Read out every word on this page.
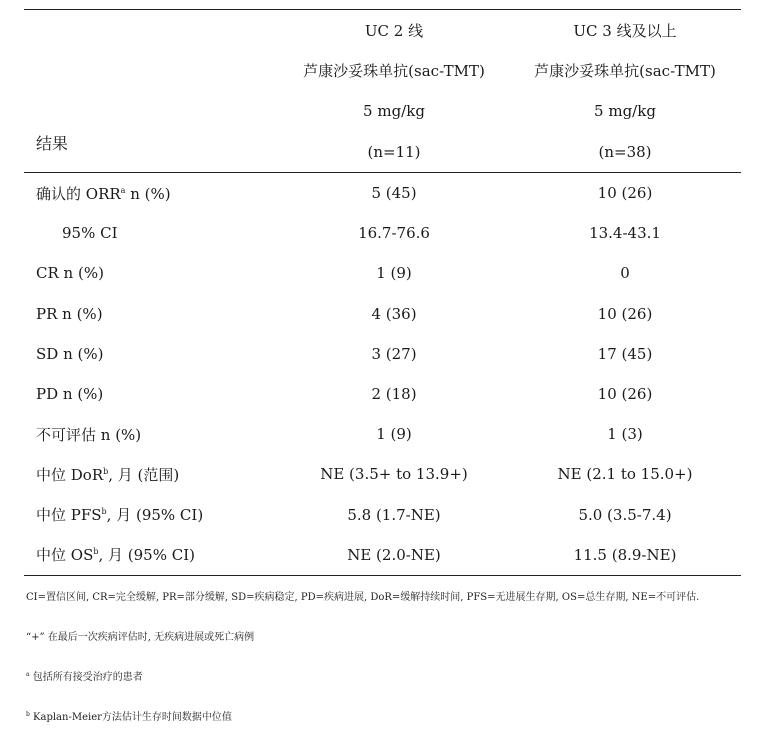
结果	UC 2 线	UC 3 线及以上
	芦康沙妥珠单抗(sac-TMT)	芦康沙妥珠单抗(sac-TMT)
	5 mg/kg	5 mg/kg
	(n=11)	(n=38)
确认的 ORR$^a$ n (%)	5 (45)	10 (26)
95% CI	16.7-76.6	13.4-43.1
CR n (%)	1 (9)	0
PR n (%)	4 (36)	10 (26)
SD n (%)	3 (27)	17 (45)
PD n (%)	2 (18)	10 (26)
不可评估 n (%)	1 (9)	1 (3)
中位 DoR$^b$, 月 (范围)	NE (3.5+ to 13.9+)	NE (2.1 to 15.0+)
中位 PFS$^b$, 月 (95% CI)	5.8 (1.7-NE)	5.0 (3.5-7.4)
中位 $OS^b$, 月 (95% CI)	NE (2.0-NE)	11.5 (8.9-NE)
CI=置信区间, CR=完全缓解, PR=部分缓解, SD=疾病稳定, PD=疾病进展, DoR=缓解持续时间, PFS=无进展生存期, OS=总生存期, NE=不可评估.
“+” 在最后一次疾病评估时, 无疾病进展或死亡病例
$^a$ 包括所有接受治疗的患者
$^b$ Kaplan-Meier方法估计生存时间数据中位值
